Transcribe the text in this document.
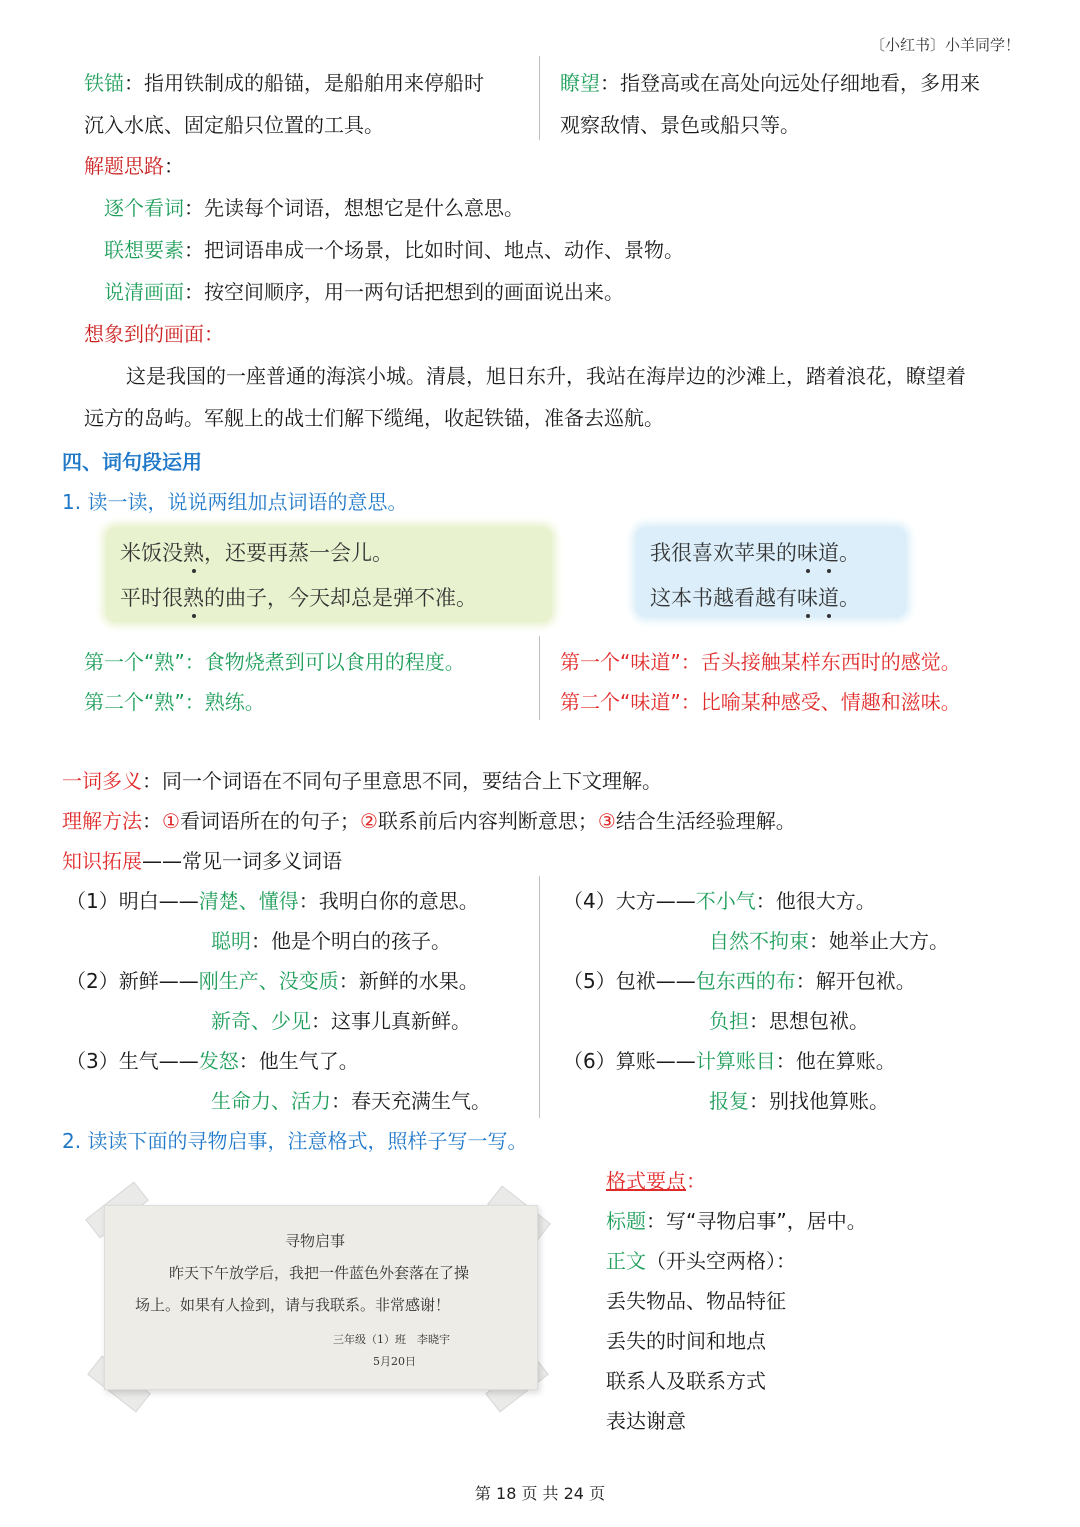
〔小红书〕小羊同学！
铁锚：指用铁制成的船锚，是船舶用来停船时
沉入水底、固定船只位置的工具。
瞭望：指登高或在高处向远处仔细地看，多用来
观察敌情、景色或船只等。
解题思路：
逐个看词：先读每个词语，想想它是什么意思。
联想要素：把词语串成一个场景，比如时间、地点、动作、景物。
说清画面：按空间顺序，用一两句话把想到的画面说出来。
想象到的画面：
这是我国的一座普通的海滨小城。清晨，旭日东升，我站在海岸边的沙滩上，踏着浪花，瞭望着
远方的岛屿。军舰上的战士们解下缆绳，收起铁锚，准备去巡航。
四、词句段运用
1. 读一读，说说两组加点词语的意思。
米饭没熟，还要再蒸一会儿。
平时很熟的曲子，今天却总是弹不准。
我很喜欢苹果的味道。
这本书越看越有味道。
第一个“熟”：食物烧煮到可以食用的程度。
第二个“熟”：熟练。
第一个“味道”：舌头接触某样东西时的感觉。
第二个“味道”：比喻某种感受、情趣和滋味。
一词多义：同一个词语在不同句子里意思不同，要结合上下文理解。
理解方法：①看词语所在的句子；②联系前后内容判断意思；③结合生活经验理解。
知识拓展——常见一词多义词语
（1）明白——清楚、懂得：我明白你的意思。
聪明：他是个明白的孩子。
（2）新鲜——刚生产、没变质：新鲜的水果。
新奇、少见：这事儿真新鲜。
（3）生气——发怒：他生气了。
生命力、活力：春天充满生气。
（4）大方——不小气：他很大方。
自然不拘束：她举止大方。
（5）包袱——包东西的布：解开包袱。
负担：思想包袱。
（6）算账——计算账目：他在算账。
报复：别找他算账。
2. 读读下面的寻物启事，注意格式，照样子写一写。
寻物启事
昨天下午放学后，我把一件蓝色外套落在了操
场上。如果有人捡到，请与我联系。非常感谢！
三年级（1）班　李晓宇
5月20日
格式要点：
标题：写“寻物启事”，居中。
正文（开头空两格）：
丢失物品、物品特征
丢失的时间和地点
联系人及联系方式
表达谢意
第 18 页 共 24 页
